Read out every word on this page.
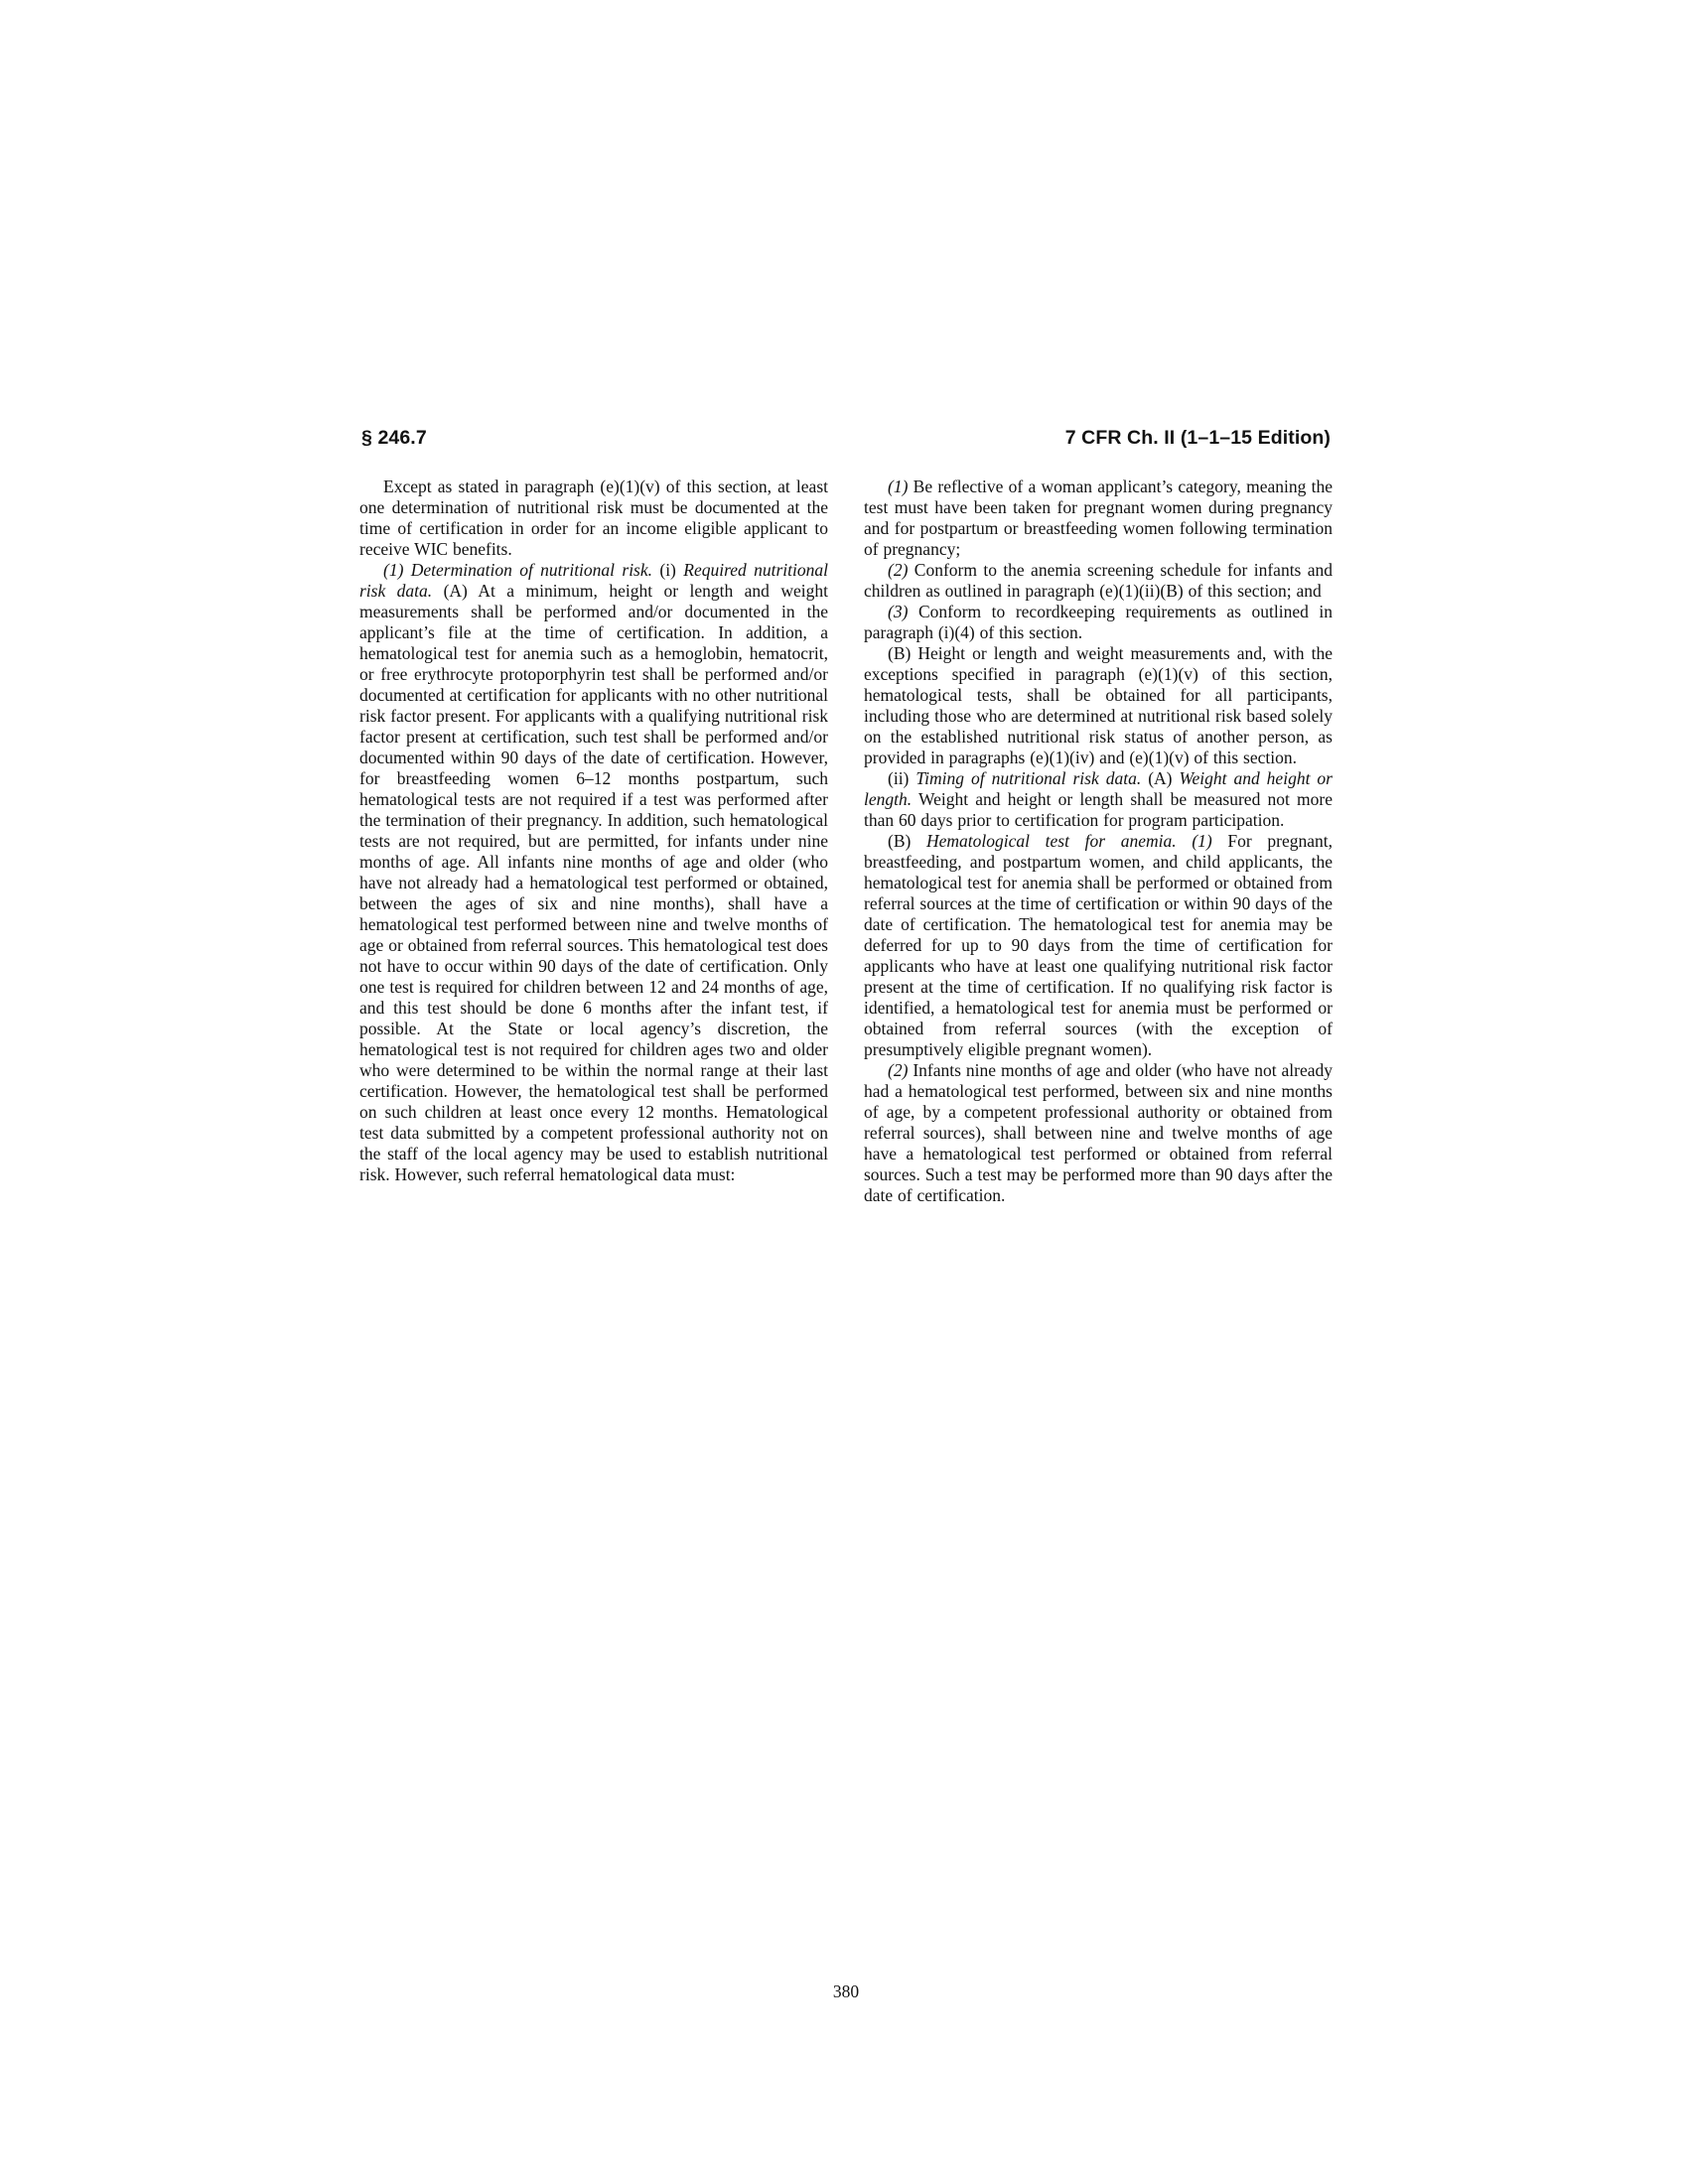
§ 246.7	7 CFR Ch. II (1–1–15 Edition)

Except as stated in paragraph (e)(1)(v) of this section, at least one determination of nutritional risk must be documented at the time of certification in order for an income eligible applicant to receive WIC benefits.

(1) Determination of nutritional risk. (i) Required nutritional risk data. (A) At a minimum, height or length and weight measurements shall be performed and/or documented in the applicant’s file at the time of certification. In addition, a hematological test for anemia such as a hemoglobin, hematocrit, or free erythrocyte protoporphyrin test shall be performed and/or documented at certification for applicants with no other nutritional risk factor present. For applicants with a qualifying nutritional risk factor present at certification, such test shall be performed and/or documented within 90 days of the date of certification. However, for breastfeeding women 6–12 months postpartum, such hematological tests are not required if a test was performed after the termination of their pregnancy. In addition, such hematological tests are not required, but are permitted, for infants under nine months of age. All infants nine months of age and older (who have not already had a hematological test performed or obtained, between the ages of six and nine months), shall have a hematological test performed between nine and twelve months of age or obtained from referral sources. This hematological test does not have to occur within 90 days of the date of certification. Only one test is required for children between 12 and 24 months of age, and this test should be done 6 months after the infant test, if possible. At the State or local agency’s discretion, the hematological test is not required for children ages two and older who were determined to be within the normal range at their last certification. However, the hematological test shall be performed on such children at least once every 12 months. Hematological test data submitted by a competent professional authority not on the staff of the local agency may be used to establish nutritional risk. However, such referral hematological data must:

(1) Be reflective of a woman applicant’s category, meaning the test must have been taken for pregnant women during pregnancy and for postpartum or breastfeeding women following termination of pregnancy;

(2) Conform to the anemia screening schedule for infants and children as outlined in paragraph (e)(1)(ii)(B) of this section; and

(3) Conform to recordkeeping requirements as outlined in paragraph (i)(4) of this section.

(B) Height or length and weight measurements and, with the exceptions specified in paragraph (e)(1)(v) of this section, hematological tests, shall be obtained for all participants, including those who are determined at nutritional risk based solely on the established nutritional risk status of another person, as provided in paragraphs (e)(1)(iv) and (e)(1)(v) of this section.

(ii) Timing of nutritional risk data. (A) Weight and height or length. Weight and height or length shall be measured not more than 60 days prior to certification for program participation.

(B) Hematological test for anemia. (1) For pregnant, breastfeeding, and postpartum women, and child applicants, the hematological test for anemia shall be performed or obtained from referral sources at the time of certification or within 90 days of the date of certification. The hematological test for anemia may be deferred for up to 90 days from the time of certification for applicants who have at least one qualifying nutritional risk factor present at the time of certification. If no qualifying risk factor is identified, a hematological test for anemia must be performed or obtained from referral sources (with the exception of presumptively eligible pregnant women).

(2) Infants nine months of age and older (who have not already had a hematological test performed, between six and nine months of age, by a competent professional authority or obtained from referral sources), shall between nine and twelve months of age have a hematological test performed or obtained from referral sources. Such a test may be performed more than 90 days after the date of certification.

380
